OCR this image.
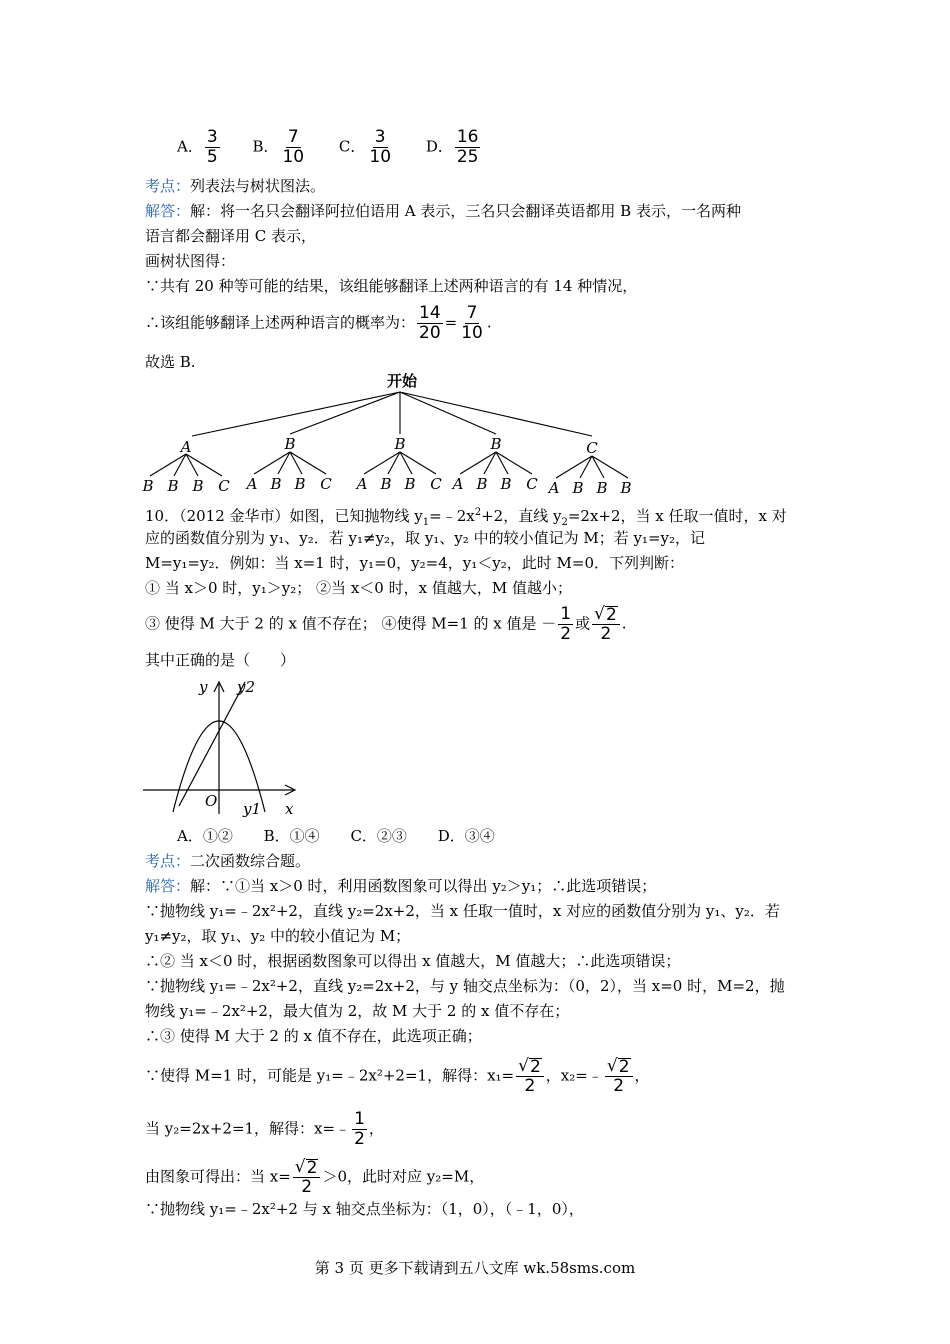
A． $\frac{3}{5}$ B． $\frac{7}{10}$ C． $\frac{3}{10}$ D． $\frac{16}{25}$
考点：列表法与树状图法。
解答：解：将一名只会翻译阿拉伯语用 A 表示，三名只会翻译英语都用 B 表示，一名两种
语言都会翻译用 C 表示，
画树状图得：
∵共有 20 种等可能的结果，该组能够翻译上述两种语言的有 14 种情况，
∴该组能够翻译上述两种语言的概率为： $\frac{14}{20} = \frac{7}{10}$ .
故选 B.
开始
A	B	B	B	C
B B B C A B B C A B B C A B B C A B B B
10．（2012 金华市）如图，已知抛物线 $y_1=﹣2x^2+2$，直线 $y_2=2x+2$，当 x 任取一值时，x 对
应的函数值分别为 y₁、y₂．若 y₁≠y₂，取 y₁、y₂ 中的较小值记为 M；若 y₁=y₂，记
M=y₁=y₂．例如：当 x=1 时，y₁=0，y₂=4，y₁＜y₂，此时 M=0．下列判断：
① 当 x＞0 时，y₁＞y₂； ②当 x＜0 时，x 值越大，M 值越小；
③ 使得 M 大于 2 的 x 值不存在； ④使得 M=1 的 x 值是 － $\frac{1}{2}$ 或 $\frac{√ 2}{2}$ .
其中正确的是（　　）
y y2
O y1 x
A．①② B．①④ C．②③ D．③④
考点：二次函数综合题。
解答：解：∵①当 x＞0 时，利用函数图象可以得出 y₂＞y₁；∴此选项错误；
∵抛物线 y₁=﹣2x²+2，直线 y₂=2x+2，当 x 任取一值时，x 对应的函数值分别为 y₁、y₂．若
y₁≠y₂，取 y₁、y₂ 中的较小值记为 M；
∴② 当 x＜0 时，根据函数图象可以得出 x 值越大，M 值越大；∴此选项错误；
∵抛物线 y₁=﹣2x²+2，直线 y₂=2x+2，与 y 轴交点坐标为：（0，2），当 x=0 时，M=2，抛
物线 y₁=﹣2x²+2，最大值为 2，故 M 大于 2 的 x 值不存在；
∴③ 使得 M 大于 2 的 x 值不存在，此选项正确；
∵使得 M=1 时，可能是 y₁=﹣2x²+2=1，解得：$x_1= \frac{√ 2}{2}$ ，x₂=﹣ $\frac{√ 2}{2}$ ，
当 y₂=2x+2=1，解得：x=﹣ $\frac{1}{2}$ ，
由图象可得出：当 $x= \frac{√ 2}{2} >0$，此时对应 y₂=M，
∵抛物线 y₁=﹣2x²+2 与 x 轴交点坐标为：（1，0），（﹣1，0），
第 3 页 更多下载请到五八文库 wk.58sms.com
